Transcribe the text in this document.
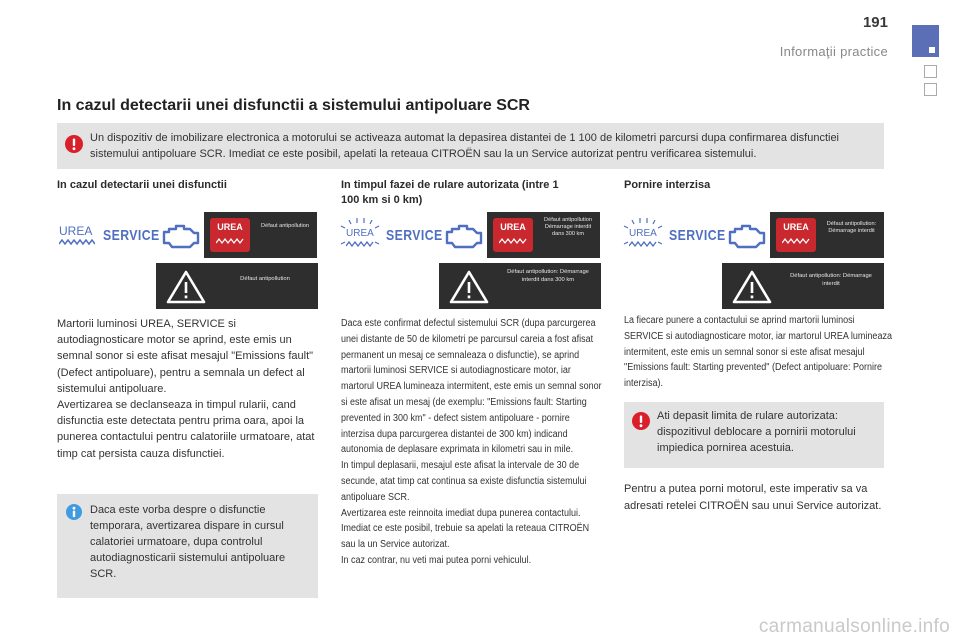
191
Informaţii practice
In cazul detectarii unei disfunctii a sistemului antipoluare SCR
Un dispozitiv de imobilizare electronica a motorului se activeaza automat la depasirea distantei de 1 100 de kilometri parcursi dupa confirmarea disfunctiei sistemului antipoluare SCR. Imediat ce este posibil, apelati la reteaua CITROËN sau la un Service autorizat pentru verificarea sistemului.
In cazul detectarii unei disfunctii	In timpul fazei de rulare autorizata (intre 1 100 km si 0 km)
Pornire interzisa
UREA SERVICE	UREA	Défaut antipollution
Défaut antipollution
UREA SERVICE	UREA
Défaut antipollution Démarrage interdit dans 300 km
Défaut antipollution: Démarrage interdit dans 300 km
UREA SERVICE	UREA	Défaut antipollution: Démarrage interdit
Défaut antipollution: Démarrage interdit
Martorii luminosi UREA, SERVICE si autodiagnosticare motor se aprind, este emis un semnal sonor si este afisat mesajul "Emissions fault" (Defect antipoluare), pentru a semnala un defect al sistemului antipoluare.
Avertizarea se declanseaza in timpul rularii, cand disfunctia este detectata pentru prima oara, apoi la punerea contactului pentru calatoriile urmatoare, atat timp cat persista cauza disfunctiei.
Daca este confirmat defectul sistemului SCR (dupa parcurgerea unei distante de 50 de kilometri pe parcursul careia a fost afisat permanent un mesaj ce semnaleaza o disfunctie), se aprind martorii luminosi SERVICE si autodiagnosticare motor, iar martorul UREA lumineaza intermitent, este emis un semnal sonor si este afisat un mesaj (de exemplu: "Emissions fault: Starting prevented in 300 km" - defect sistem antipoluare - pornire interzisa dupa parcurgerea distantei de 300 km) indicand autonomia de deplasare exprimata in kilometri sau in mile.
In timpul deplasarii, mesajul este afisat la intervale de 30 de secunde, atat timp cat continua sa existe disfunctia sistemului antipoluare SCR.
Avertizarea este reinnoita imediat dupa punerea contactului.
Imediat ce este posibil, trebuie sa apelati la reteaua CITROËN sau la un Service autorizat.
In caz contrar, nu veti mai putea porni vehiculul.
La fiecare punere a contactului se aprind martorii luminosi SERVICE si autodiagnosticare motor, iar martorul UREA lumineaza intermitent, este emis un semnal sonor si este afisat mesajul "Emissions fault: Starting prevented" (Defect antipoluare: Pornire interzisa).
Daca este vorba despre o disfunctie temporara, avertizarea dispare in cursul calatoriei urmatoare, dupa controlul autodiagnosticarii sistemului antipoluare SCR.
Ati depasit limita de rulare autorizata: dispozitivul deblocare a pornirii motorului impiedica pornirea acestuia.
Pentru a putea porni motorul, este imperativ sa va adresati retelei CITROËN sau unui Service autorizat.
carmanualsonline.info
